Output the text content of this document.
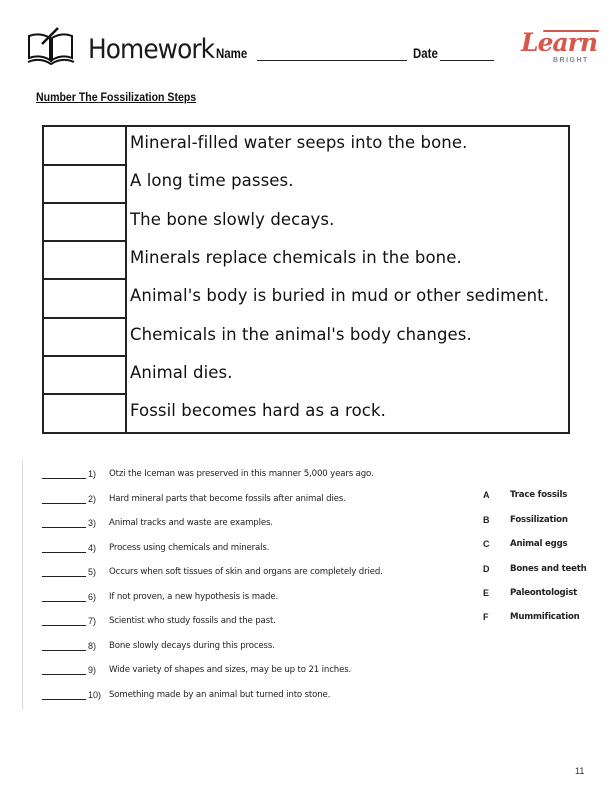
Homework Name	Date	Learn
BRIGHT
Number The Fossilization Steps
Mineral-filled water seeps into the bone.
A long time passes.
The bone slowly decays.
Minerals replace chemicals in the bone.
Animal's body is buried in mud or other sediment.
Chemicals in the animal's body changes.
Animal dies.
Fossil becomes hard as a rock.
1) Otzi the Iceman was preserved in this manner 5,000 years ago.
2) Hard mineral parts that become fossils after animal dies.
3) Animal tracks and waste are examples.
4) Process using chemicals and minerals.
5) Occurs when soft tissues of skin and organs are completely dried.
6) If not proven, a new hypothesis is made.
7) Scientist who study fossils and the past.
8) Bone slowly decays during this process.
9) Wide variety of shapes and sizes, may be up to 21 inches.
10) Something made by an animal but turned into stone.
A Trace fossils
B Fossilization
C Animal eggs
D Bones and teeth
E Paleontologist
F	Mummification
11
